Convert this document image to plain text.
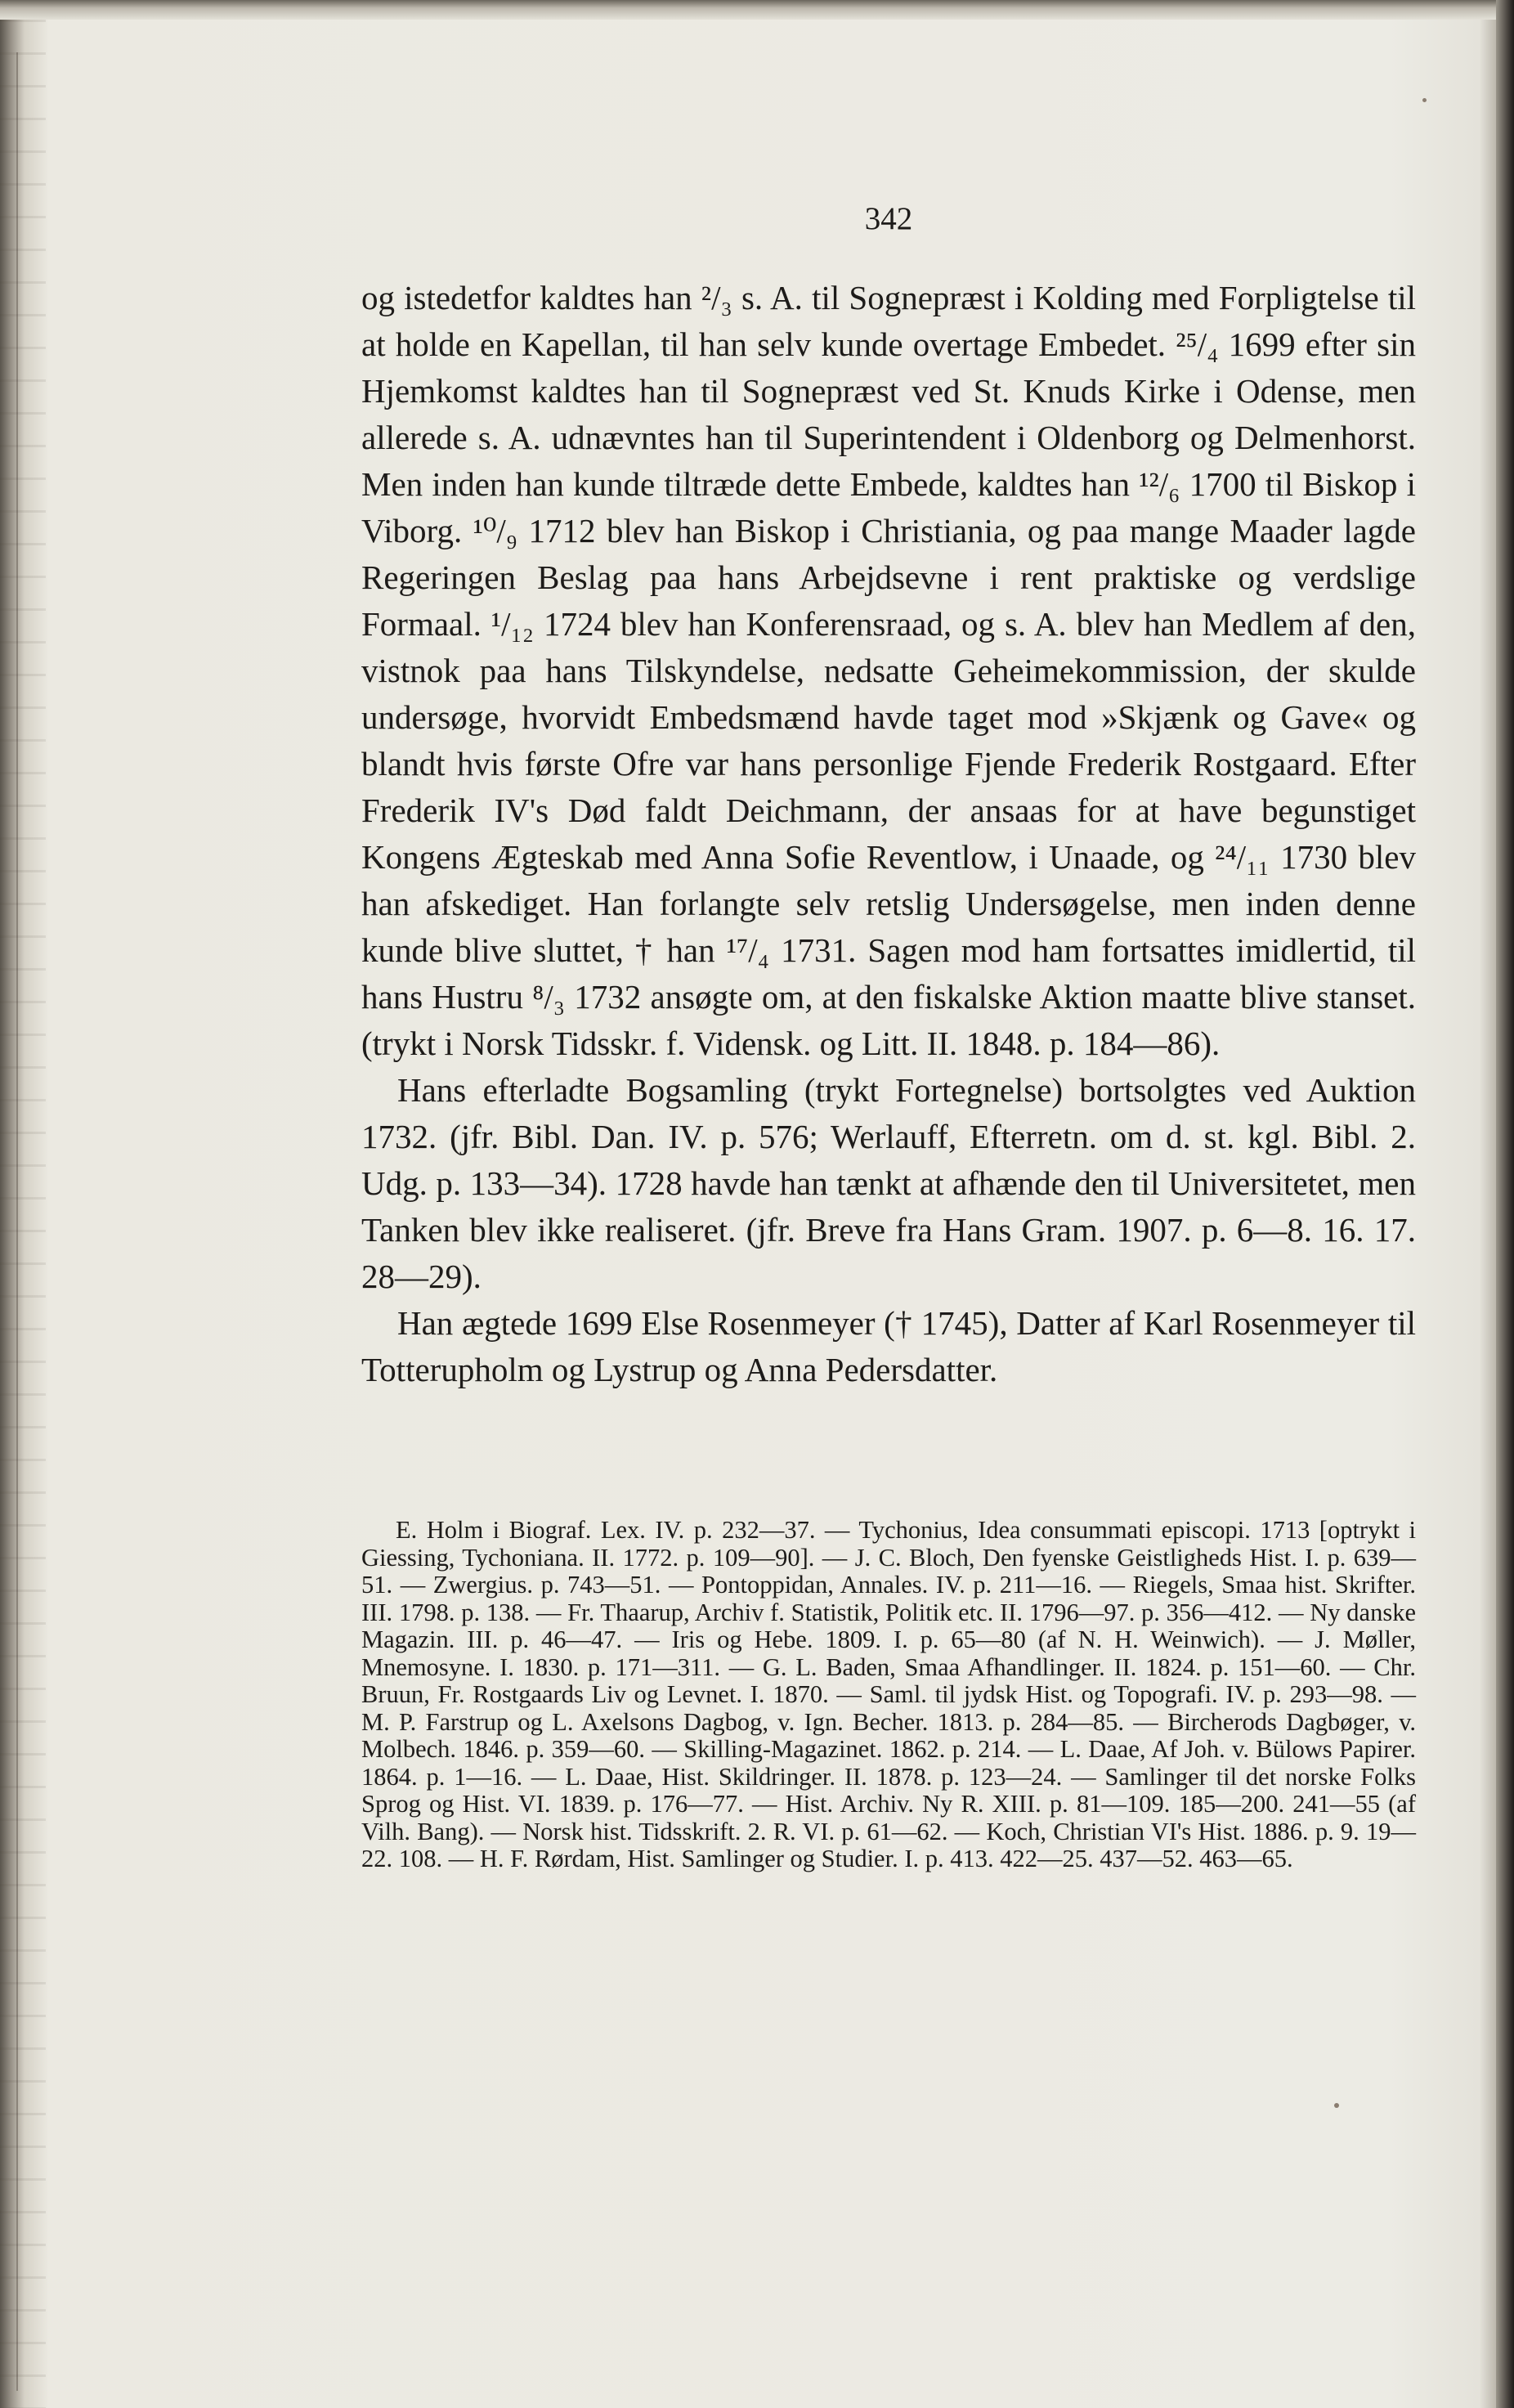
342

og istedetfor kaldtes han ²/₃ s. A. til Sognepræst i Kolding med Forpligtelse til at holde en Kapellan, til han selv kunde overtage Embedet. ²⁵/₄ 1699 efter sin Hjemkomst kaldtes han til Sognepræst ved St. Knuds Kirke i Odense, men allerede s. A. udnævntes han til Superintendent i Oldenborg og Delmenhorst. Men inden han kunde tiltræde dette Embede, kaldtes han ¹²/₆ 1700 til Biskop i Viborg. ¹⁰/₉ 1712 blev han Biskop i Christiania, og paa mange Maader lagde Regeringen Beslag paa hans Arbejdsevne i rent praktiske og verdslige Formaal. ¹/₁₂ 1724 blev han Konferensraad, og s. A. blev han Medlem af den, vistnok paa hans Tilskyndelse, nedsatte Geheimekommission, der skulde undersøge, hvorvidt Embedsmænd havde taget mod »Skjænk og Gave« og blandt hvis første Ofre var hans personlige Fjende Frederik Rostgaard. Efter Frederik IV's Død faldt Deichmann, der ansaas for at have begunstiget Kongens Ægteskab med Anna Sofie Reventlow, i Unaade, og ²⁴/₁₁ 1730 blev han afskediget. Han forlangte selv retslig Undersøgelse, men inden denne kunde blive sluttet, † han ¹⁷/₄ 1731. Sagen mod ham fortsattes imidlertid, til hans Hustru ⁸/₃ 1732 ansøgte om, at den fiskalske Aktion maatte blive stanset. (trykt i Norsk Tidsskr. f. Vidensk. og Litt. II. 1848. p. 184—86).

Hans efterladte Bogsamling (trykt Fortegnelse) bortsolgtes ved Auktion 1732. (jfr. Bibl. Dan. IV. p. 576; Werlauff, Efterretn. om d. st. kgl. Bibl. 2. Udg. p. 133—34). 1728 havde han tænkt at afhænde den til Universitetet, men Tanken blev ikke realiseret. (jfr. Breve fra Hans Gram. 1907. p. 6—8. 16. 17. 28—29).

Han ægtede 1699 Else Rosenmeyer († 1745), Datter af Karl Rosenmeyer til Totterupholm og Lystrup og Anna Pedersdatter.

E. Holm i Biograf. Lex. IV. p. 232—37. — Tychonius, Idea consummati episcopi. 1713 [optrykt i Giessing, Tychoniana. II. 1772. p. 109—90]. — J. C. Bloch, Den fyenske Geistligheds Hist. I. p. 639—51. — Zwergius. p. 743—51. — Pontoppidan, Annales. IV. p. 211—16. — Riegels, Smaa hist. Skrifter. III. 1798. p. 138. — Fr. Thaarup, Archiv f. Statistik, Politik etc. II. 1796—97. p. 356—412. — Ny danske Magazin. III. p. 46—47. — Iris og Hebe. 1809. I. p. 65—80 (af N. H. Weinwich). — J. Møller, Mnemosyne. I. 1830. p. 171—311. — G. L. Baden, Smaa Afhandlinger. II. 1824. p. 151—60. — Chr. Bruun, Fr. Rostgaards Liv og Levnet. I. 1870. — Saml. til jydsk Hist. og Topografi. IV. p. 293—98. — M. P. Farstrup og L. Axelsons Dagbog, v. Ign. Becher. 1813. p. 284—85. — Bircherods Dagbøger, v. Molbech. 1846. p. 359—60. — Skilling-Magazinet. 1862. p. 214. — L. Daae, Af Joh. v. Bülows Papirer. 1864. p. 1—16. — L. Daae, Hist. Skildringer. II. 1878. p. 123—24. — Samlinger til det norske Folks Sprog og Hist. VI. 1839. p. 176—77. — Hist. Archiv. Ny R. XIII. p. 81—109. 185—200. 241—55 (af Vilh. Bang). — Norsk hist. Tidsskrift. 2. R. VI. p. 61—62. — Koch, Christian VI's Hist. 1886. p. 9. 19—22. 108. — H. F. Rørdam, Hist. Samlinger og Studier. I. p. 413. 422—25. 437—52. 463—65.
